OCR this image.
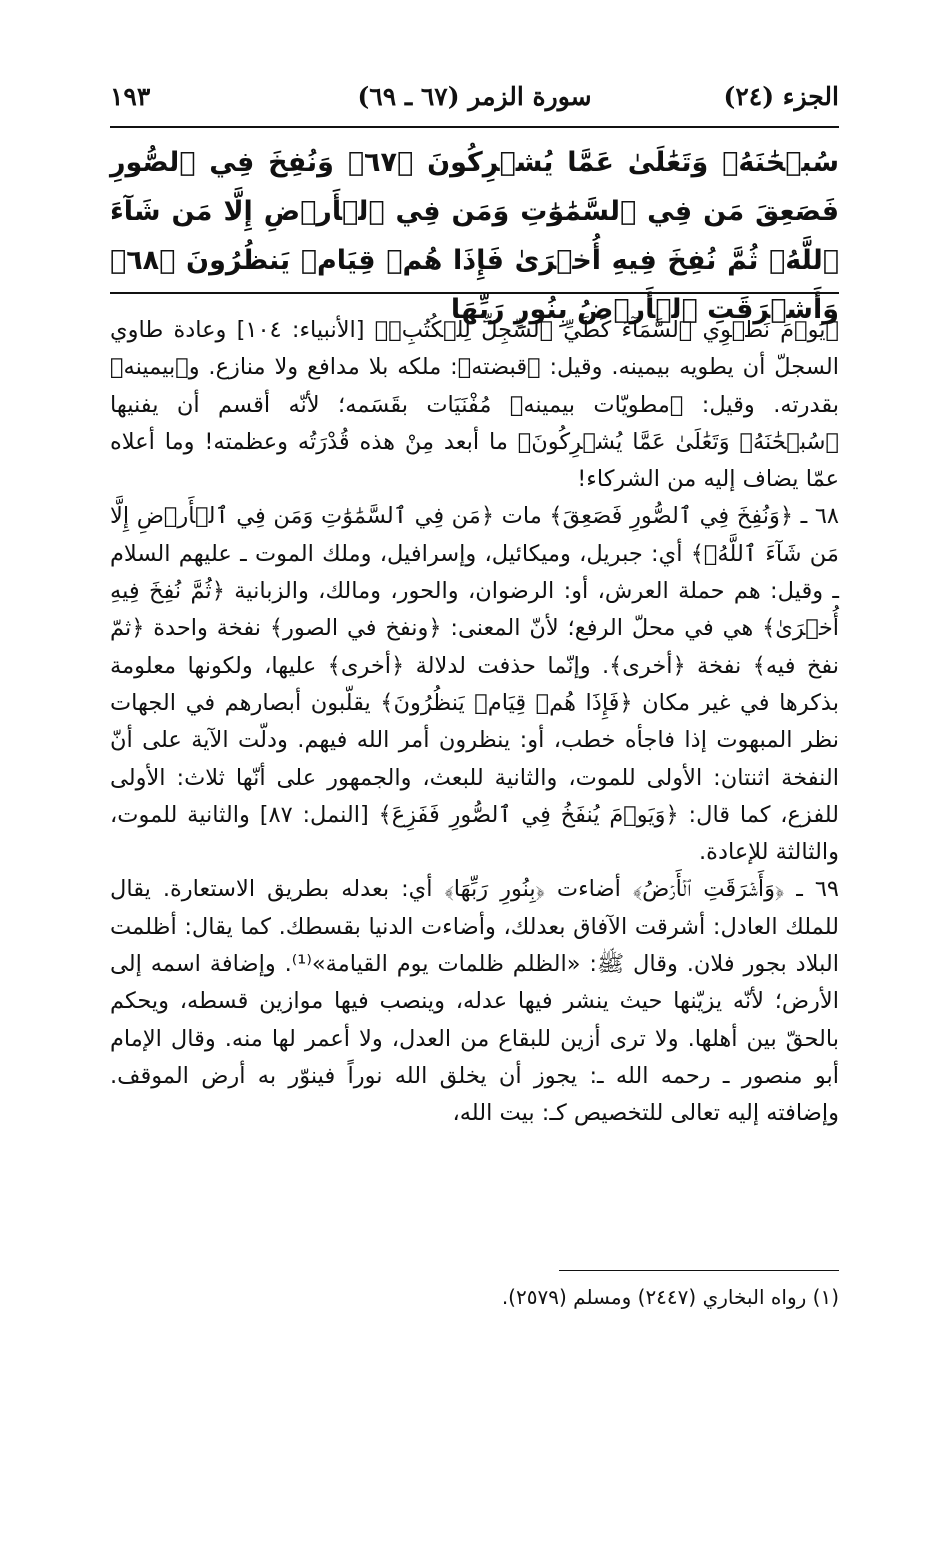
الجزء (٢٤)
سورة الزمر (٦٧ ـ ٦٩)
١٩٣
سُبۡحَٰنَهُۥ وَتَعَٰلَىٰ عَمَّا يُشۡرِكُونَ ﴿٦٧﴾ وَنُفِخَ فِي ٱلصُّورِ فَصَعِقَ مَن فِي ٱلسَّمَٰوَٰتِ وَمَن فِي ٱلۡأَرۡضِ إِلَّا مَن شَآءَ ٱللَّهُۖ ثُمَّ نُفِخَ فِيهِ أُخۡرَىٰ فَإِذَا هُمۡ قِيَامٞ يَنظُرُونَ ﴿٦٨﴾ وَأَشۡرَقَتِ ٱلۡأَرۡضُ بِنُورِ رَبِّهَا

﴿يَوۡمَ نَطۡوِي ٱلسَّمَآءَ كَطَيِّ ٱلسِّجِلِّ لِلۡكُتُبِۚ﴾ [الأنبياء: ١٠٤] وعادة طاوي السجلّ أن يطويه بيمينه. وقيل: ﴿قبضته﴾: ملكه بلا مدافع ولا منازع. و﴿بيمينه﴾ بقدرته. وقيل: ﴿مطويّات بيمينه﴾ مُفْنَيَات بقَسَمه؛ لأنّه أقسم أن يفنيها ﴿سُبۡحَٰنَهُۥ وَتَعَٰلَىٰ عَمَّا يُشۡرِكُونَ﴾ ما أبعد مِنْ هذه قُدْرَتُه وعظمته! وما أعلاه عمّا يضاف إليه من الشركاء!

٦٨ ـ ﴿وَنُفِخَ فِي ٱلصُّورِ فَصَعِقَ﴾ مات ﴿مَن فِي ٱلسَّمَٰوَٰتِ وَمَن فِي ٱلۡأَرۡضِ إِلَّا مَن شَآءَ ٱللَّهُۖ﴾ أي: جبريل، وميكائيل، وإسرافيل، وملك الموت ـ عليهم السلام ـ وقيل: هم حملة العرش، أو: الرضوان، والحور، ومالك، والزبانية ﴿ثُمَّ نُفِخَ فِيهِ أُخۡرَىٰ﴾ هي في محلّ الرفع؛ لأنّ المعنى: ﴿ونفخ في الصور﴾ نفخة واحدة ﴿ثمّ نفخ فيه﴾ نفخة ﴿أخرى﴾. وإنّما حذفت لدلالة ﴿أخرى﴾ عليها، ولكونها معلومة بذكرها في غير مكان ﴿فَإِذَا هُمۡ قِيَامٞ يَنظُرُونَ﴾ يقلّبون أبصارهم في الجهات نظر المبهوت إذا فاجأه خطب، أو: ينظرون أمر الله فيهم. ودلّت الآية على أنّ النفخة اثنتان: الأولى للموت، والثانية للبعث، والجمهور على أنّها ثلاث: الأولى للفزع، كما قال: ﴿وَيَوۡمَ يُنفَخُ فِي ٱلصُّورِ فَفَزِعَ﴾ [النمل: ٨٧] والثانية للموت، والثالثة للإعادة.

٦٩ ـ ﴿وَأَشۡرَقَتِ ٱلۡأَرۡضُ﴾ أضاءت ﴿بِنُورِ رَبِّهَا﴾ أي: بعدله بطريق الاستعارة. يقال للملك العادل: أشرقت الآفاق بعدلك، وأضاءت الدنيا بقسطك. كما يقال: أظلمت البلاد بجور فلان. وقال ﷺ: «الظلم ظلمات يوم القيامة»⁽¹⁾. وإضافة اسمه إلى الأرض؛ لأنّه يزيّنها حيث ينشر فيها عدله، وينصب فيها موازين قسطه، ويحكم بالحقّ بين أهلها. ولا ترى أزين للبقاع من العدل، ولا أعمر لها منه. وقال الإمام أبو منصور ـ رحمه الله ـ: يجوز أن يخلق الله نوراً فينوّر به أرض الموقف. وإضافته إليه تعالى للتخصيص كـ: بيت الله،

(١) رواه البخاري (٢٤٤٧) ومسلم (٢٥٧٩).
